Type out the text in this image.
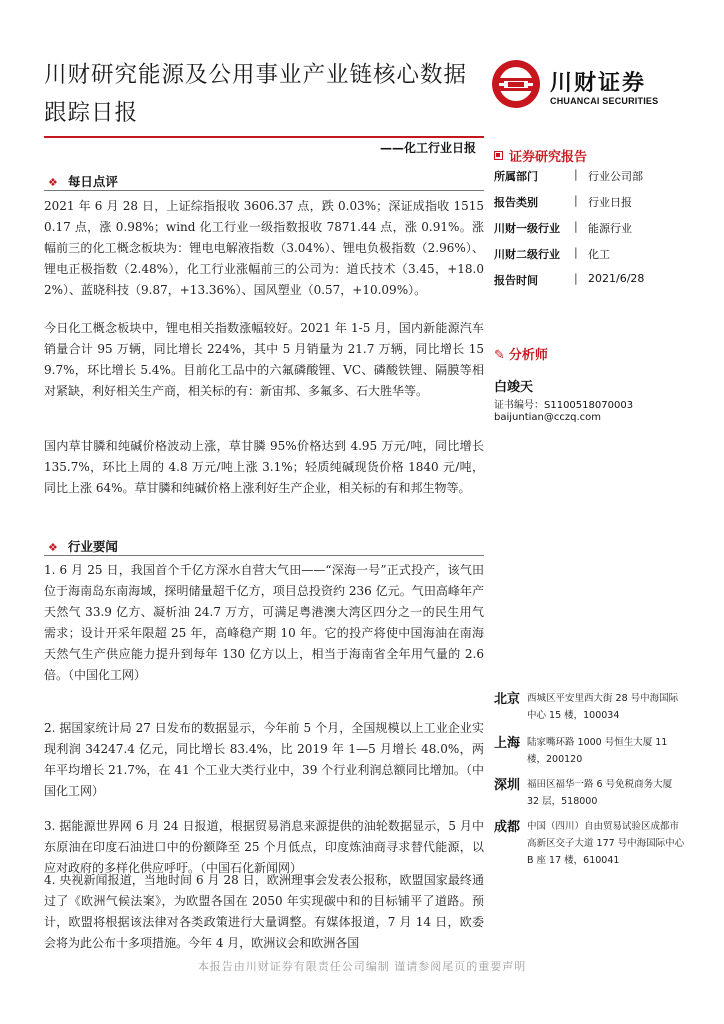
川财研究能源及公用事业产业链核心数据
跟踪日报
川财证券
CHUANCAI SECURITIES
——化工行业日报
❖ 每日点评
2021 年 6 月 28 日，上证综指报收 3606.37 点，跌 0.03%；深证成指收 15150.17 点，涨 0.98%；wind 化工行业一级指数报收 7871.44 点，涨 0.91%。涨幅前三的化工概念板块为：锂电电解液指数（3.04%）、锂电负极指数（2.96%）、锂电正极指数（2.48%），化工行业涨幅前三的公司为：道氏技术（3.45，+18.02%）、蓝晓科技（9.87，+13.36%）、国风塑业（0.57，+10.09%）。
今日化工概念板块中，锂电相关指数涨幅较好。2021 年 1-5 月，国内新能源汽车销量合计 95 万辆，同比增长 224%，其中 5 月销量为 21.7 万辆，同比增长 159.7%，环比增长 5.4%。目前化工品中的六氟磷酸锂、VC、磷酸铁锂、隔膜等相对紧缺，利好相关生产商，相关标的有：新宙邦、多氟多、石大胜华等。
国内草甘膦和纯碱价格波动上涨，草甘膦 95%价格达到 4.95 万元/吨，同比增长 135.7%，环比上周的 4.8 万元/吨上涨 3.1%；轻质纯碱现货价格 1840 元/吨，同比上涨 64%。草甘膦和纯碱价格上涨利好生产企业，相关标的有和邦生物等。
❖ 行业要闻
1. 6 月 25 日，我国首个千亿方深水自营大气田——“深海一号”正式投产，该气田位于海南岛东南海域，探明储量超千亿方，项目总投资约 236 亿元。气田高峰年产天然气 33.9 亿方、凝析油 24.7 万方，可满足粤港澳大湾区四分之一的民生用气需求；设计开采年限超 25 年，高峰稳产期 10 年。它的投产将使中国海油在南海天然气生产供应能力提升到每年 130 亿方以上，相当于海南省全年用气量的 2.6 倍。（中国化工网）
2. 据国家统计局 27 日发布的数据显示，今年前 5 个月，全国规模以上工业企业实现利润 34247.4 亿元，同比增长 83.4%，比 2019 年 1—5 月增长 48.0%，两年平均增长 21.7%，在 41 个工业大类行业中，39 个行业利润总额同比增加。（中国化工网）
3. 据能源世界网 6 月 24 日报道，根据贸易消息来源提供的油轮数据显示，5 月中东原油在印度石油进口中的份额降至 25 个月低点，印度炼油商寻求替代能源，以应对政府的多样化供应呼吁。（中国石化新闻网）
4. 央视新闻报道，当地时间 6 月 28 日，欧洲理事会发表公报称，欧盟国家最终通过了《欧洲气候法案》，为欧盟各国在 2050 年实现碳中和的目标铺平了道路。预计，欧盟将根据该法律对各类政策进行大量调整。有媒体报道，7 月 14 日，欧委会将为此公布十多项措施。今年 4 月，欧洲议会和欧洲各国
证券研究报告
所属部门	| 行业公司部
报告类别	| 行业日报
川财一级行业	| 能源行业
川财二级行业	| 化工
报告时间	| 2021/6/28
✎ 分析师
白竣天
证书编号：S1100518070003
baijuntian@cczq.com
北京 西城区平安里西大街 28 号中海国际中心 15 楼，100034
上海 陆家嘴环路 1000 号恒生大厦 11 楼，200120
深圳 福田区福华一路 6 号免税商务大厦 32 层，518000
成都 中国（四川）自由贸易试验区成都市高新区交子大道 177 号中海国际中心 B 座 17 楼，610041
本报告由川财证券有限责任公司编制 谨请参阅尾页的重要声明
